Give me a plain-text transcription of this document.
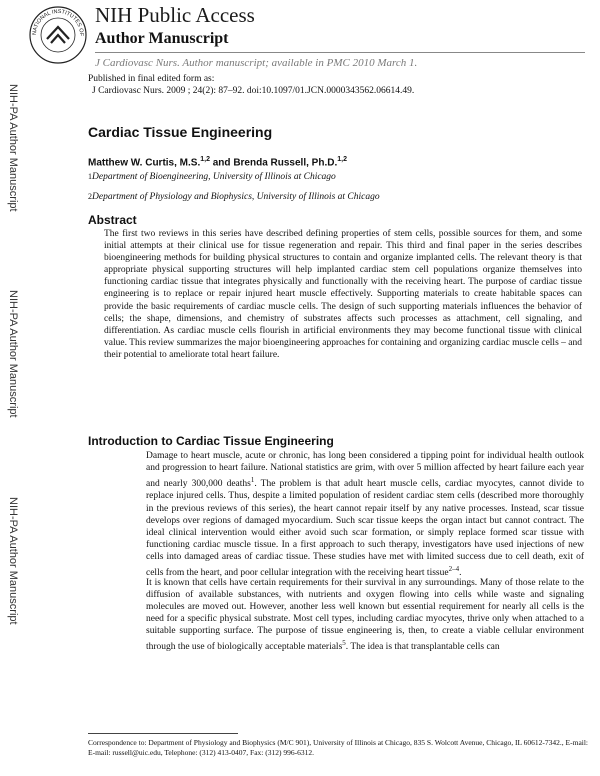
NATIONAL INSTITUTES OF
NIH Public Access
Author Manuscript
J Cardiovasc Nurs. Author manuscript; available in PMC 2010 March 1.
Published in final edited form as:
J Cardiovasc Nurs. 2009 ; 24(2): 87–92. doi:10.1097/01.JCN.0000343562.06614.49.
NIH-PA Author Manuscript
NIH-PA Author Manuscript
NIH-PA Author Manuscript
Cardiac Tissue Engineering
Matthew W. Curtis, M.S.$^{1,2}$ and Brenda Russell, Ph.D.$^{1,2}$
1Department of Bioengineering, University of Illinois at Chicago
2Department of Physiology and Biophysics, University of Illinois at Chicago
Abstract

The first two reviews in this series have described defining properties of stem cells, possible sources for them, and some initial attempts at their clinical use for tissue regeneration and repair. This third and final paper in the series describes bioengineering methods for building physical structures to contain and organize implanted cells. The relevant theory is that appropriate physical supporting structures will help implanted cardiac stem cell populations organize themselves into functioning cardiac tissue that integrates physically and functionally with the receiving heart. The purpose of cardiac tissue engineering is to replace or repair injured heart muscle effectively. Supporting materials to create habitable spaces can provide the basic requirements of cardiac muscle cells. The design of such supporting materials influences the behavior of cells; the shape, dimensions, and chemistry of substrates affects such processes as attachment, cell signaling, and differentiation. As cardiac muscle cells flourish in artificial environments they may become functional tissue with clinical value. This review summarizes the major bioengineering approaches for containing and organizing cardiac muscle cells – and their potential to ameliorate total heart failure.

Introduction to Cardiac Tissue Engineering

Damage to heart muscle, acute or chronic, has long been considered a tipping point for individual health outlook and progression to heart failure. National statistics are grim, with over 5 million affected by heart failure each year and nearly 300,000 deaths$^1$. The problem is that adult heart muscle cells, cardiac myocytes, cannot divide to replace injured cells. Thus, despite a limited population of resident cardiac stem cells (described more thoroughly in the previous reviews of this series), the heart cannot repair itself by any native processes. Instead, scar tissue develops over regions of damaged myocardium. Such scar tissue keeps the organ intact but cannot contract. The ideal clinical intervention would either avoid such scar formation, or simply replace formed scar tissue with functioning cardiac muscle tissue. In a first approach to such therapy, investigators have used injections of new cells into damaged areas of cardiac tissue. These studies have met with limited success due to cell death, exit of cells from the heart, and poor cellular integration with the receiving heart tissue$^{2-4}$.

It is known that cells have certain requirements for their survival in any surroundings. Many of those relate to the diffusion of available substances, with nutrients and oxygen flowing into cells while waste and signaling molecules are moved out. However, another less well known but essential requirement for nearly all cells is the need for a specific physical substrate. Most cell types, including cardiac myocytes, thrive only when attached to a suitable supporting surface. The purpose of tissue engineering is, then, to create a viable cellular environment through the use of biologically acceptable materials$^5$. The idea is that transplantable cells can

Correspondence to: Department of Physiology and Biophysics (M/C 901), University of Illinois at Chicago, 835 S. Wolcott Avenue, Chicago, IL 60612-7342., E-mail: E-mail: russell@uic.edu, Telephone: (312) 413-0407, Fax: (312) 996-6312.
